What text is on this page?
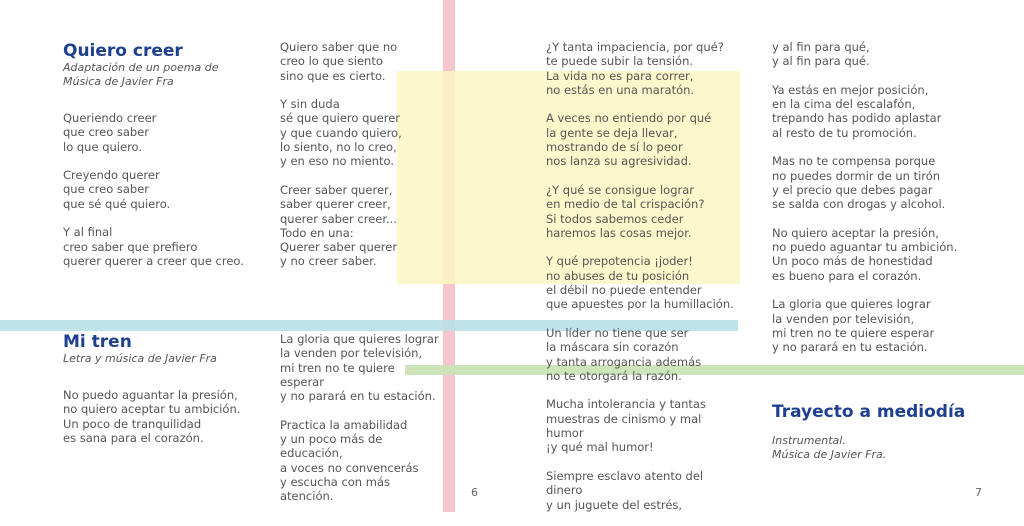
Quiero creer
Adaptación de un poema de
Música de Javier Fra
Queriendo creer
que creo saber
lo que quiero.
Creyendo querer
que creo saber
que sé qué quiero.
Y al final
creo saber que prefiero
querer querer a creer que creo.
Mi tren
Letra y música de Javier Fra
No puedo aguantar la presión,
no quiero aceptar tu ambición.
Un poco de tranquilidad
es sana para el corazón.
Quiero saber que no
creo lo que siento
sino que es cierto.
Y sin duda
sé que quiero querer
y que cuando quiero,
lo siento, no lo creo,
y en eso no miento.
Creer saber querer,
saber querer creer,
querer saber creer...
Todo en una:
Querer saber querer
y no creer saber.
La gloria que quieres lograr
la venden por televisión,
mi tren no te quiere esperar
y no parará en tu estación.
Practica la amabilidad
y un poco más de educación,
a voces no convencerás
y escucha con más atención.
¿Y tanta impaciencia, por qué?
te puede subir la tensión.
La vida no es para correr,
no estás en una maratón.
A veces no entiendo por qué
la gente se deja llevar,
mostrando de sí lo peor
nos lanza su agresividad.
¿Y qué se consigue lograr
en medio de tal crispación?
Si todos sabemos ceder
haremos las cosas mejor.
Y qué prepotencia ¡joder!
no abuses de tu posición
el débil no puede entender
que apuestes por la humillación.
Un líder no tiene que ser
la máscara sin corazón
y tanta arrogancia además
no te otorgará la razón.
Mucha intolerancia y tantas
muestras de cinismo y mal humor
¡y qué mal humor!
Siempre esclavo atento del dinero
y un juguete del estrés,
y al fin para qué,
y al fin para qué.
Ya estás en mejor posición,
en la cima del escalafón,
trepando has podido aplastar
al resto de tu promoción.
Mas no te compensa porque
no puedes dormir de un tirón
y el precio que debes pagar
se salda con drogas y alcohol.
No quiero aceptar la presión,
no puedo aguantar tu ambición.
Un poco más de honestidad
es bueno para el corazón.
La gloria que quieres lograr
la venden por televisión,
mi tren no te quiere esperar
y no parará en tu estación.
Trayecto a mediodía
Instrumental.
Música de Javier Fra.
6	7
